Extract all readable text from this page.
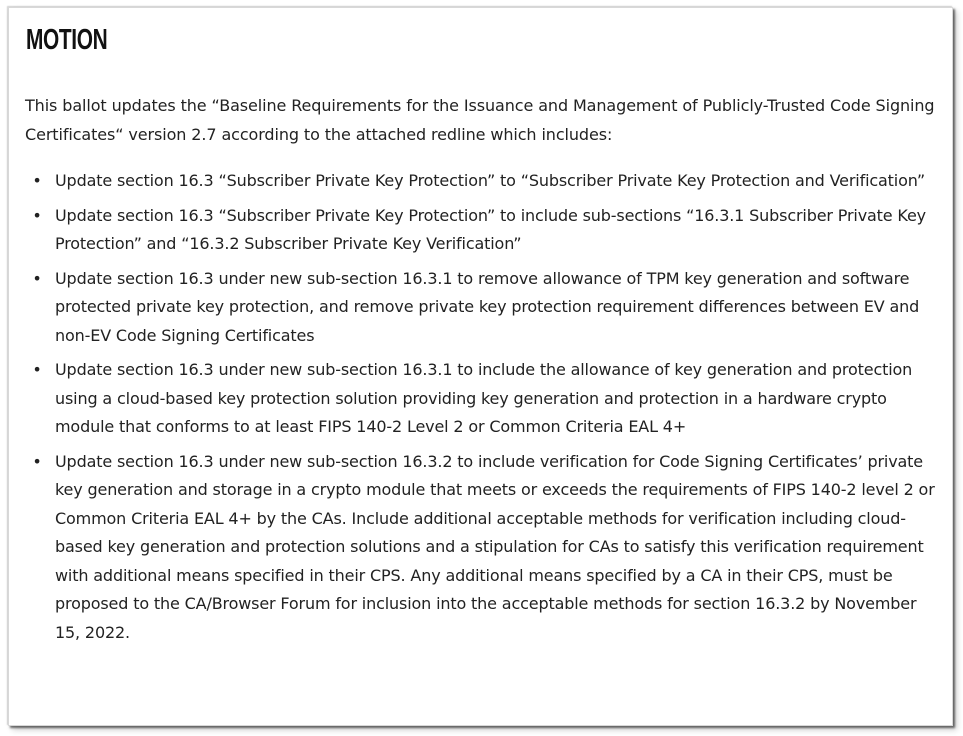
MOTION

This ballot updates the “Baseline Requirements for the Issuance and Management of Publicly-Trusted Code Signing Certificates“ version 2.7 according to the attached redline which includes:

• Update section 16.3 “Subscriber Private Key Protection” to “Subscriber Private Key Protection and Verification”
• Update section 16.3 “Subscriber Private Key Protection” to include sub-sections “16.3.1 Subscriber Private Key Protection” and “16.3.2 Subscriber Private Key Verification”
• Update section 16.3 under new sub-section 16.3.1 to remove allowance of TPM key generation and software protected private key protection, and remove private key protection requirement differences between EV and non-EV Code Signing Certificates
• Update section 16.3 under new sub-section 16.3.1 to include the allowance of key generation and protection using a cloud-based key protection solution providing key generation and protection in a hardware crypto module that conforms to at least FIPS 140-2 Level 2 or Common Criteria EAL 4+
• Update section 16.3 under new sub-section 16.3.2 to include verification for Code Signing Certificates’ private key generation and storage in a crypto module that meets or exceeds the requirements of FIPS 140-2 level 2 or Common Criteria EAL 4+ by the CAs. Include additional acceptable methods for verification including cloud-based key generation and protection solutions and a stipulation for CAs to satisfy this verification requirement with additional means specified in their CPS. Any additional means specified by a CA in their CPS, must be proposed to the CA/Browser Forum for inclusion into the acceptable methods for section 16.3.2 by November 15, 2022.
